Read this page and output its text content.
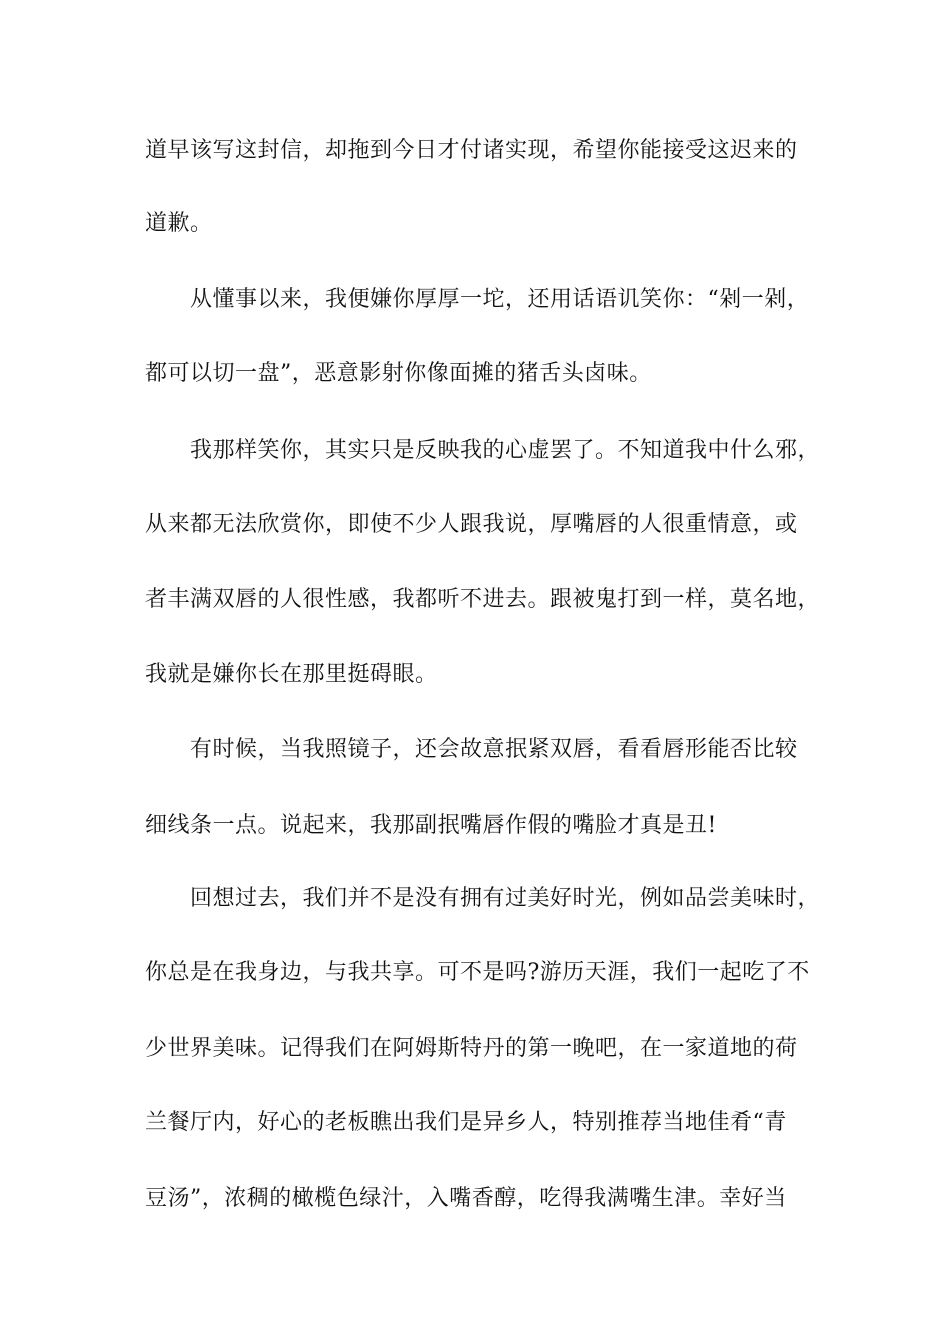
道早该写这封信，却拖到今日才付诸实现，希望你能接受这迟来的

道歉。

从懂事以来，我便嫌你厚厚一坨，还用话语讥笑你：“剁一剁，

都可以切一盘”，恶意影射你像面摊的猪舌头卤味。

我那样笑你，其实只是反映我的心虚罢了。不知道我中什么邪，

从来都无法欣赏你，即使不少人跟我说，厚嘴唇的人很重情意，或

者丰满双唇的人很性感，我都听不进去。跟被鬼打到一样，莫名地，

我就是嫌你长在那里挺碍眼。

有时候，当我照镜子，还会故意抿紧双唇，看看唇形能否比较

细线条一点。说起来，我那副抿嘴唇作假的嘴脸才真是丑!

回想过去，我们并不是没有拥有过美好时光，例如品尝美味时，

你总是在我身边，与我共享。可不是吗?游历天涯，我们一起吃了不

少世界美味。记得我们在阿姆斯特丹的第一晚吧，在一家道地的荷

兰餐厅内，好心的老板瞧出我们是异乡人，特别推荐当地佳肴“青

豆汤”，浓稠的橄榄色绿汁，入嘴香醇，吃得我满嘴生津。幸好当
